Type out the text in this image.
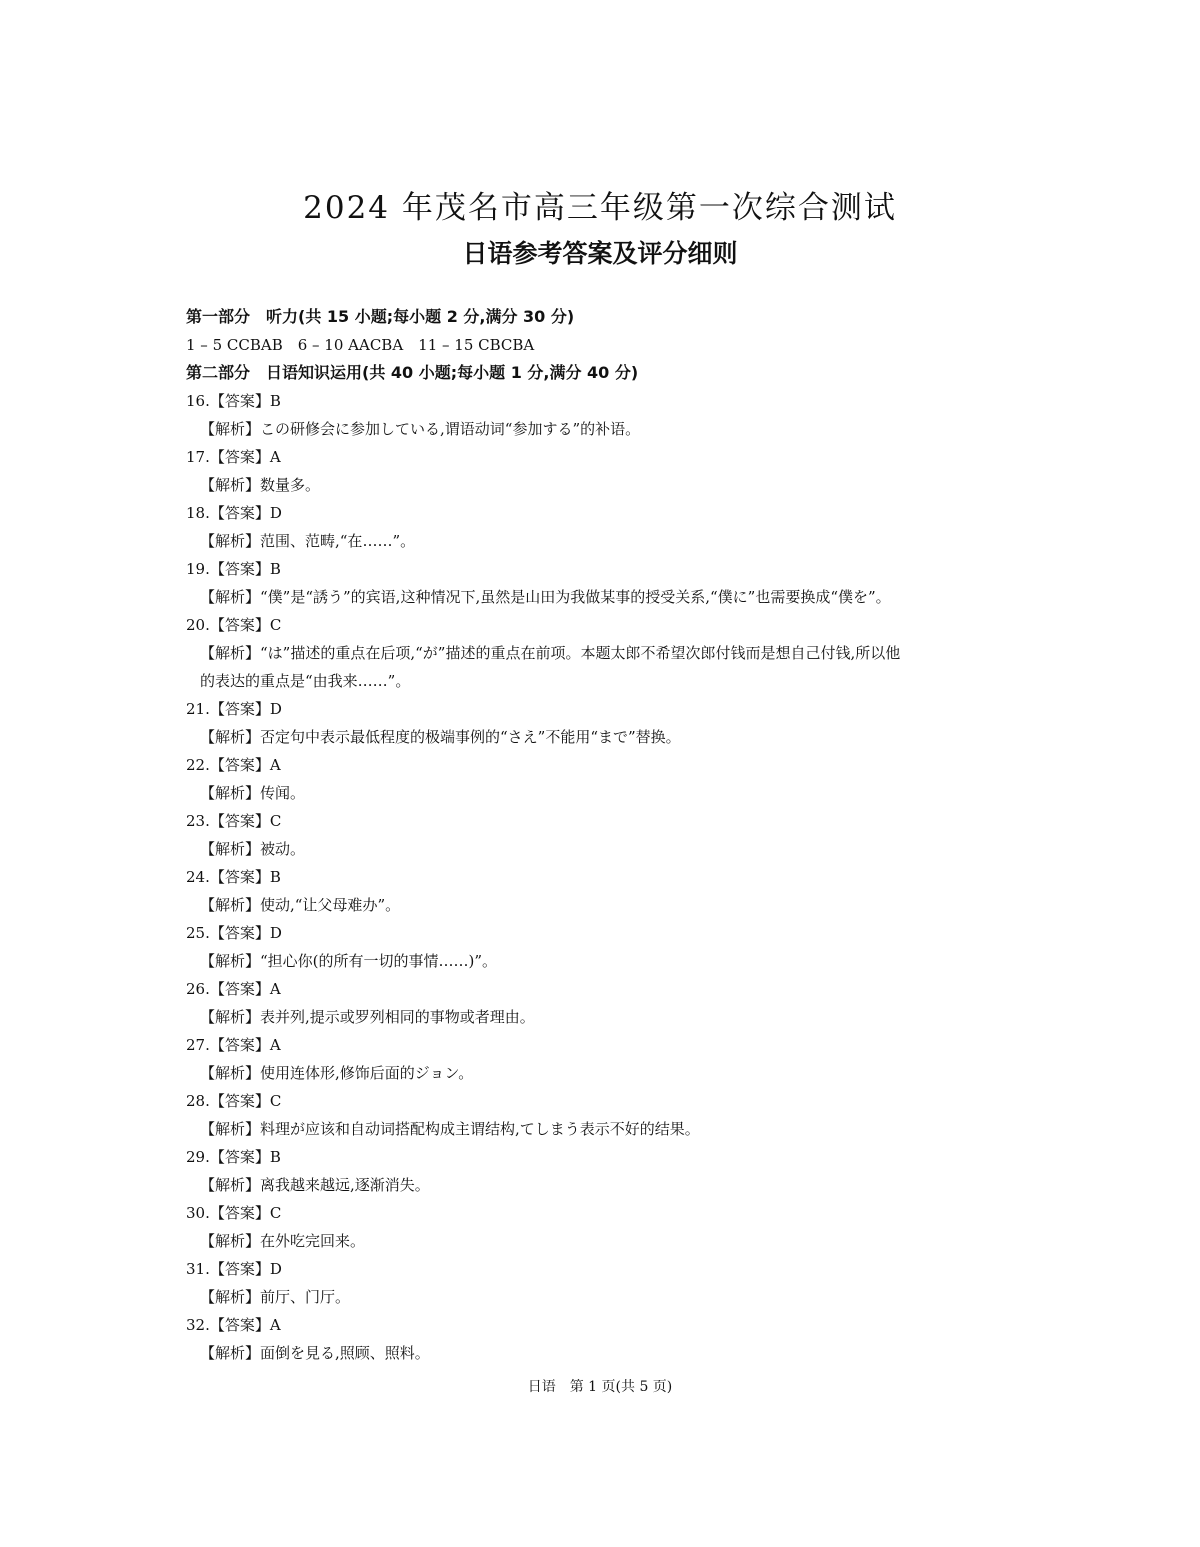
2024 年茂名市高三年级第一次综合测试
日语参考答案及评分细则
第一部分　听力(共 15 小题;每小题 2 分,满分 30 分)
1 – 5 CCBAB　6 – 10 AACBA　11 – 15 CBCBA
第二部分　日语知识运用(共 40 小题;每小题 1 分,满分 40 分)
16.【答案】B
【解析】この研修会に参加している,谓语动词“参加する”的补语。
17.【答案】A
【解析】数量多。
18.【答案】D
【解析】范围、范畴,“在……”。
19.【答案】B
【解析】“僕”是“誘う”的宾语,这种情况下,虽然是山田为我做某事的授受关系,“僕に”也需要换成“僕を”。
20.【答案】C
【解析】“は”描述的重点在后项,“が”描述的重点在前项。本题太郎不希望次郎付钱而是想自己付钱,所以他
的表达的重点是“由我来……”。
21.【答案】D
【解析】否定句中表示最低程度的极端事例的“さえ”不能用“まで”替换。
22.【答案】A
【解析】传闻。
23.【答案】C
【解析】被动。
24.【答案】B
【解析】使动,“让父母难办”。
25.【答案】D
【解析】“担心你(的所有一切的事情……)”。
26.【答案】A
【解析】表并列,提示或罗列相同的事物或者理由。
27.【答案】A
【解析】使用连体形,修饰后面的ジョン。
28.【答案】C
【解析】料理が应该和自动词搭配构成主谓结构,てしまう表示不好的结果。
29.【答案】B
【解析】离我越来越远,逐渐消失。
30.【答案】C
【解析】在外吃完回来。
31.【答案】D
【解析】前厅、门厅。
32.【答案】A
【解析】面倒を見る,照顾、照料。
日语　第 1 页(共 5 页)
